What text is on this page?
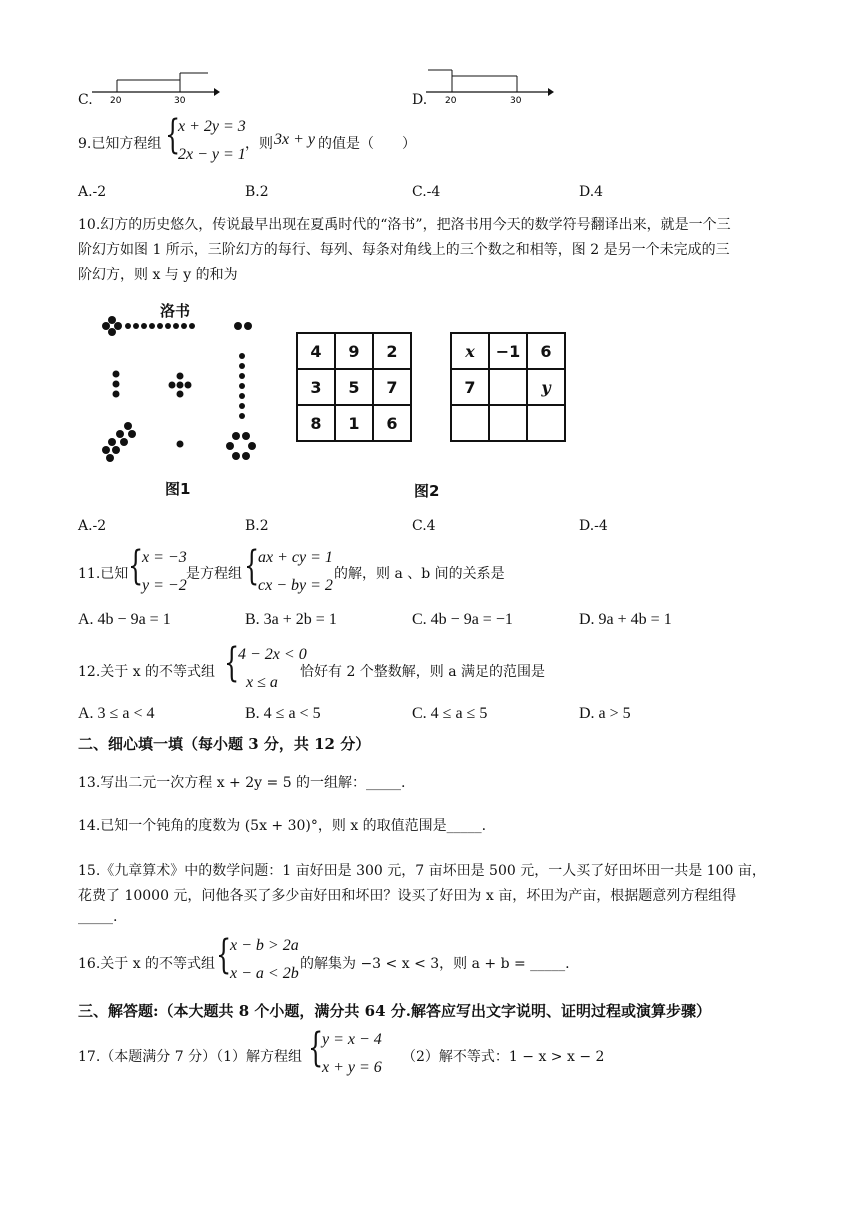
C. 20	30	D. 20	30
9.已知方程组 {
x + 2y = 3
2x − y = 1
，则 3x + y 的值是（　　）
A.-2	B.2	C.-4	D.4
10.幻方的历史悠久，传说最早出现在夏禹时代的“洛书”，把洛书用今天的数学符号翻译出来，就是一个三
阶幻方如图 1 所示，三阶幻方的每行、每列、每条对角线上的三个数之和相等，图 2 是另一个未完成的三
阶幻方，则 x 与 y 的和为
洛书
图1
4	9	2
3	5	7
8	1	6
x	−1	6
7		y

图2
A.-2	B.2	C.4	D.-4
11.已知 {
x = −3
y = −2
是方程组 {
ax + cy = 1
cx − by = 2
的解，则 a 、b 间的关系是
A. 4b − 9a = 1	B. 3a + 2b = 1	C. 4b − 9a = −1	D. 9a + 4b = 1
12.关于 x 的不等式组 {
4 − 2x < 0
x ≤ a
恰好有 2 个整数解，则 a 满足的范围是
A. 3 ≤ a < 4	B. 4 ≤ a < 5	C. 4 ≤ a ≤ 5	D. a > 5
二、细心填一填（每小题 3 分，共 12 分）
13.写出二元一次方程 x + 2y = 5 的一组解：_____.
14.已知一个钝角的度数为 (5x + 30)°，则 x 的取值范围是_____.
15.《九章算术》中的数学问题：1 亩好田是 300 元，7 亩坏田是 500 元，一人买了好田坏田一共是 100 亩，
花费了 10000 元，问他各买了多少亩好田和坏田？设买了好田为 x 亩，坏田为产亩，根据题意列方程组得
_____.
16.关于 x 的不等式组 {
x − b > 2a
x − a < 2b
的解集为 −3 < x < 3，则 a + b = _____.
三、解答题:（本大题共 8 个小题，满分共 64 分.解答应写出文字说明、证明过程或演算步骤）
17.（本题满分 7 分）（1）解方程组 {
y = x − 4
x + y = 6
（2）解不等式：1 − x > x − 2
